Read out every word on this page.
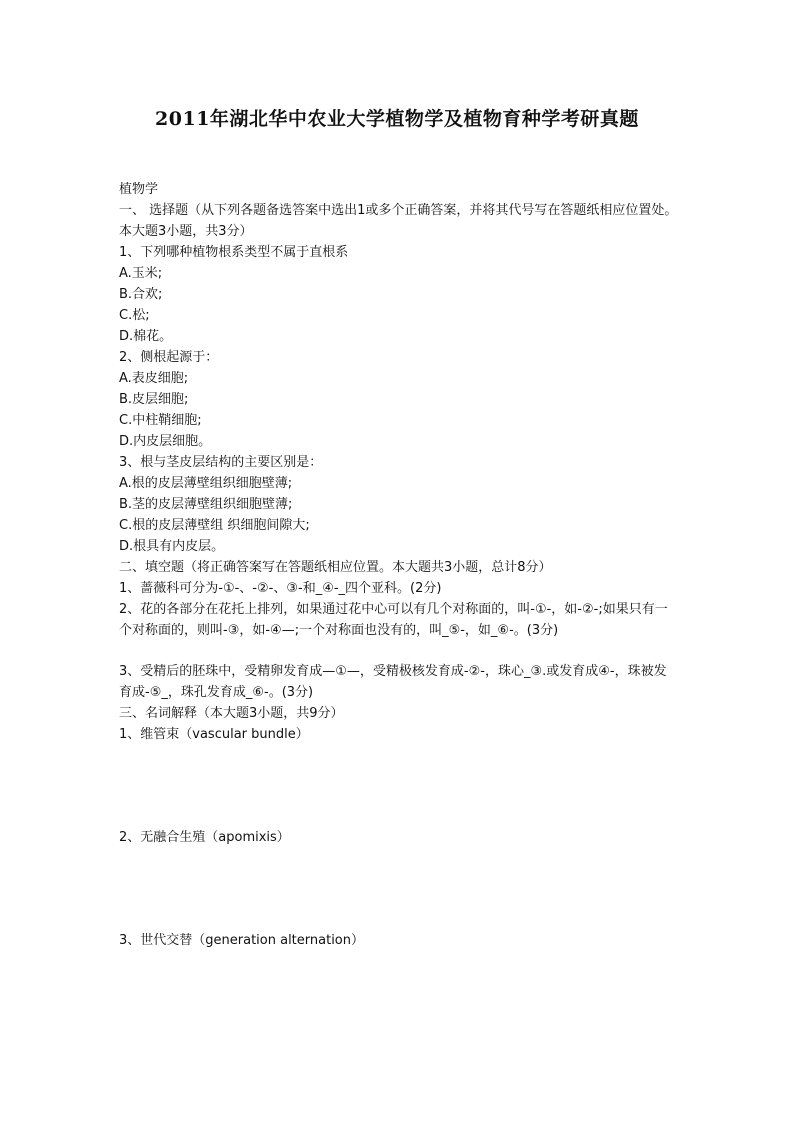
2011年湖北华中农业大学植物学及植物育种学考研真题

植物学

一、 选择题（从下列各题备选答案中选出1或多个正确答案，并将其代号写在答题纸相应位置处。本大题3小题，共3分）

1、下列哪种植物根系类型不属于直根系

A.玉米;

B.合欢;

C.松;

D.棉花。

2、侧根起源于：

A.表皮细胞;

B.皮层细胞;

C.中柱鞘细胞;

D.内皮层细胞。

3、根与茎皮层结构的主要区别是：

A.根的皮层薄壁组织细胞壁薄;

B.茎的皮层薄壁组织细胞壁薄;

C.根的皮层薄壁组 织细胞间隙大;

D.根具有内皮层。

二、填空题（将正确答案写在答题纸相应位置。本大题共3小题，总计8分）

1、蔷薇科可分为-①-、-②-、③-和_④-_四个亚科。(2分)

2、花的各部分在花托上排列，如果通过花中心可以有几个对称面的，叫-①-，如-②-;如果只有一个对称面的，则叫-③，如-④—;一个对称面也没有的，叫_⑤-，如_⑥-。(3分)

3、受精后的胚珠中，受精卵发育成—①—，受精极核发育成-②-，珠心_③.或发育成④-，珠被发育成-⑤_，珠孔发育成_⑥-。(3分)

三、名词解释（本大题3小题，共9分）

1、维管束（vascular bundle）

2、无融合生殖（apomixis）

3、世代交替（generation alternation）
